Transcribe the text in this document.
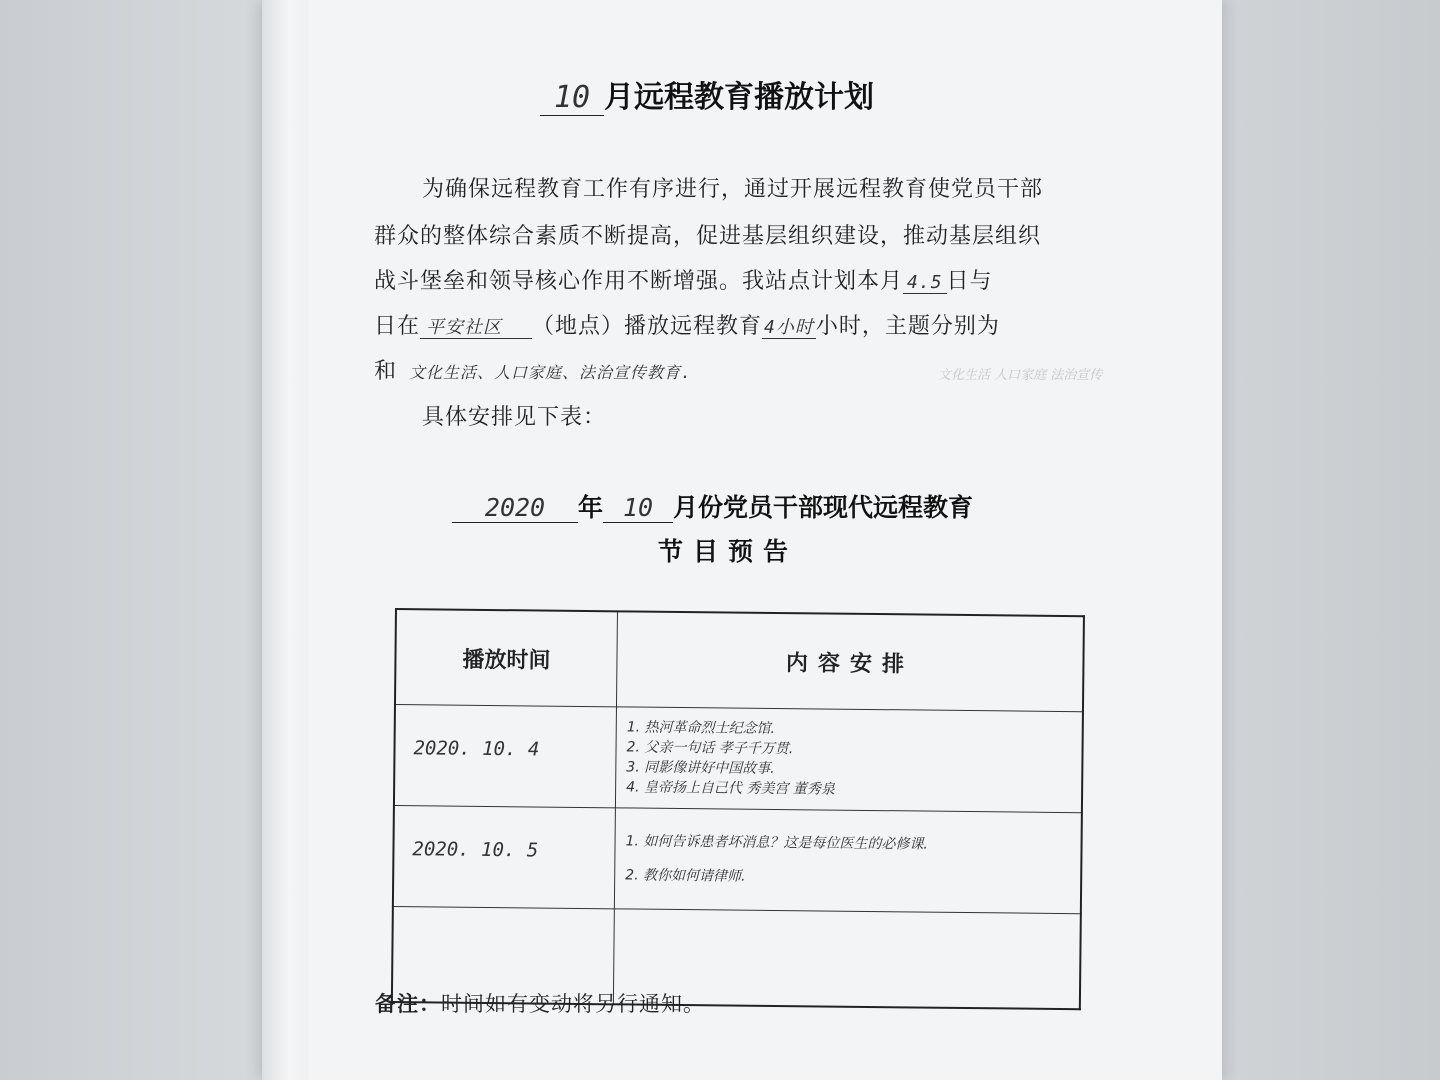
10 月远程教育播放计划
为确保远程教育工作有序进行，通过开展远程教育使党员干部
群众的整体综合素质不断提高，促进基层组织建设，推动基层组织
战斗堡垒和领导核心作用不断增强。我站点计划本月 4.5 日与
日在 平安社区 （地点）播放远程教育 4小时小时，主题分别为
和 文化生活、人口家庭、法治宣传教育.	文化生活 人口家庭 法治宣传
具体安排见下表：
2020 年 10 月份党员干部现代远程教育
节目预告
播放时间	内容安排
2020. 10. 4	1. 热河革命烈士纪念馆.
2. 父亲一句话 孝子千万贯.
3. 同影像讲好中国故事.
4. 皇帝扬上自己代 秀美宫 董秀泉

2020. 10. 5	1. 如何告诉患者坏消息？这是每位医生的必修课.
2. 教你如何请律师.

备注：时间如有变动将另行通知。
